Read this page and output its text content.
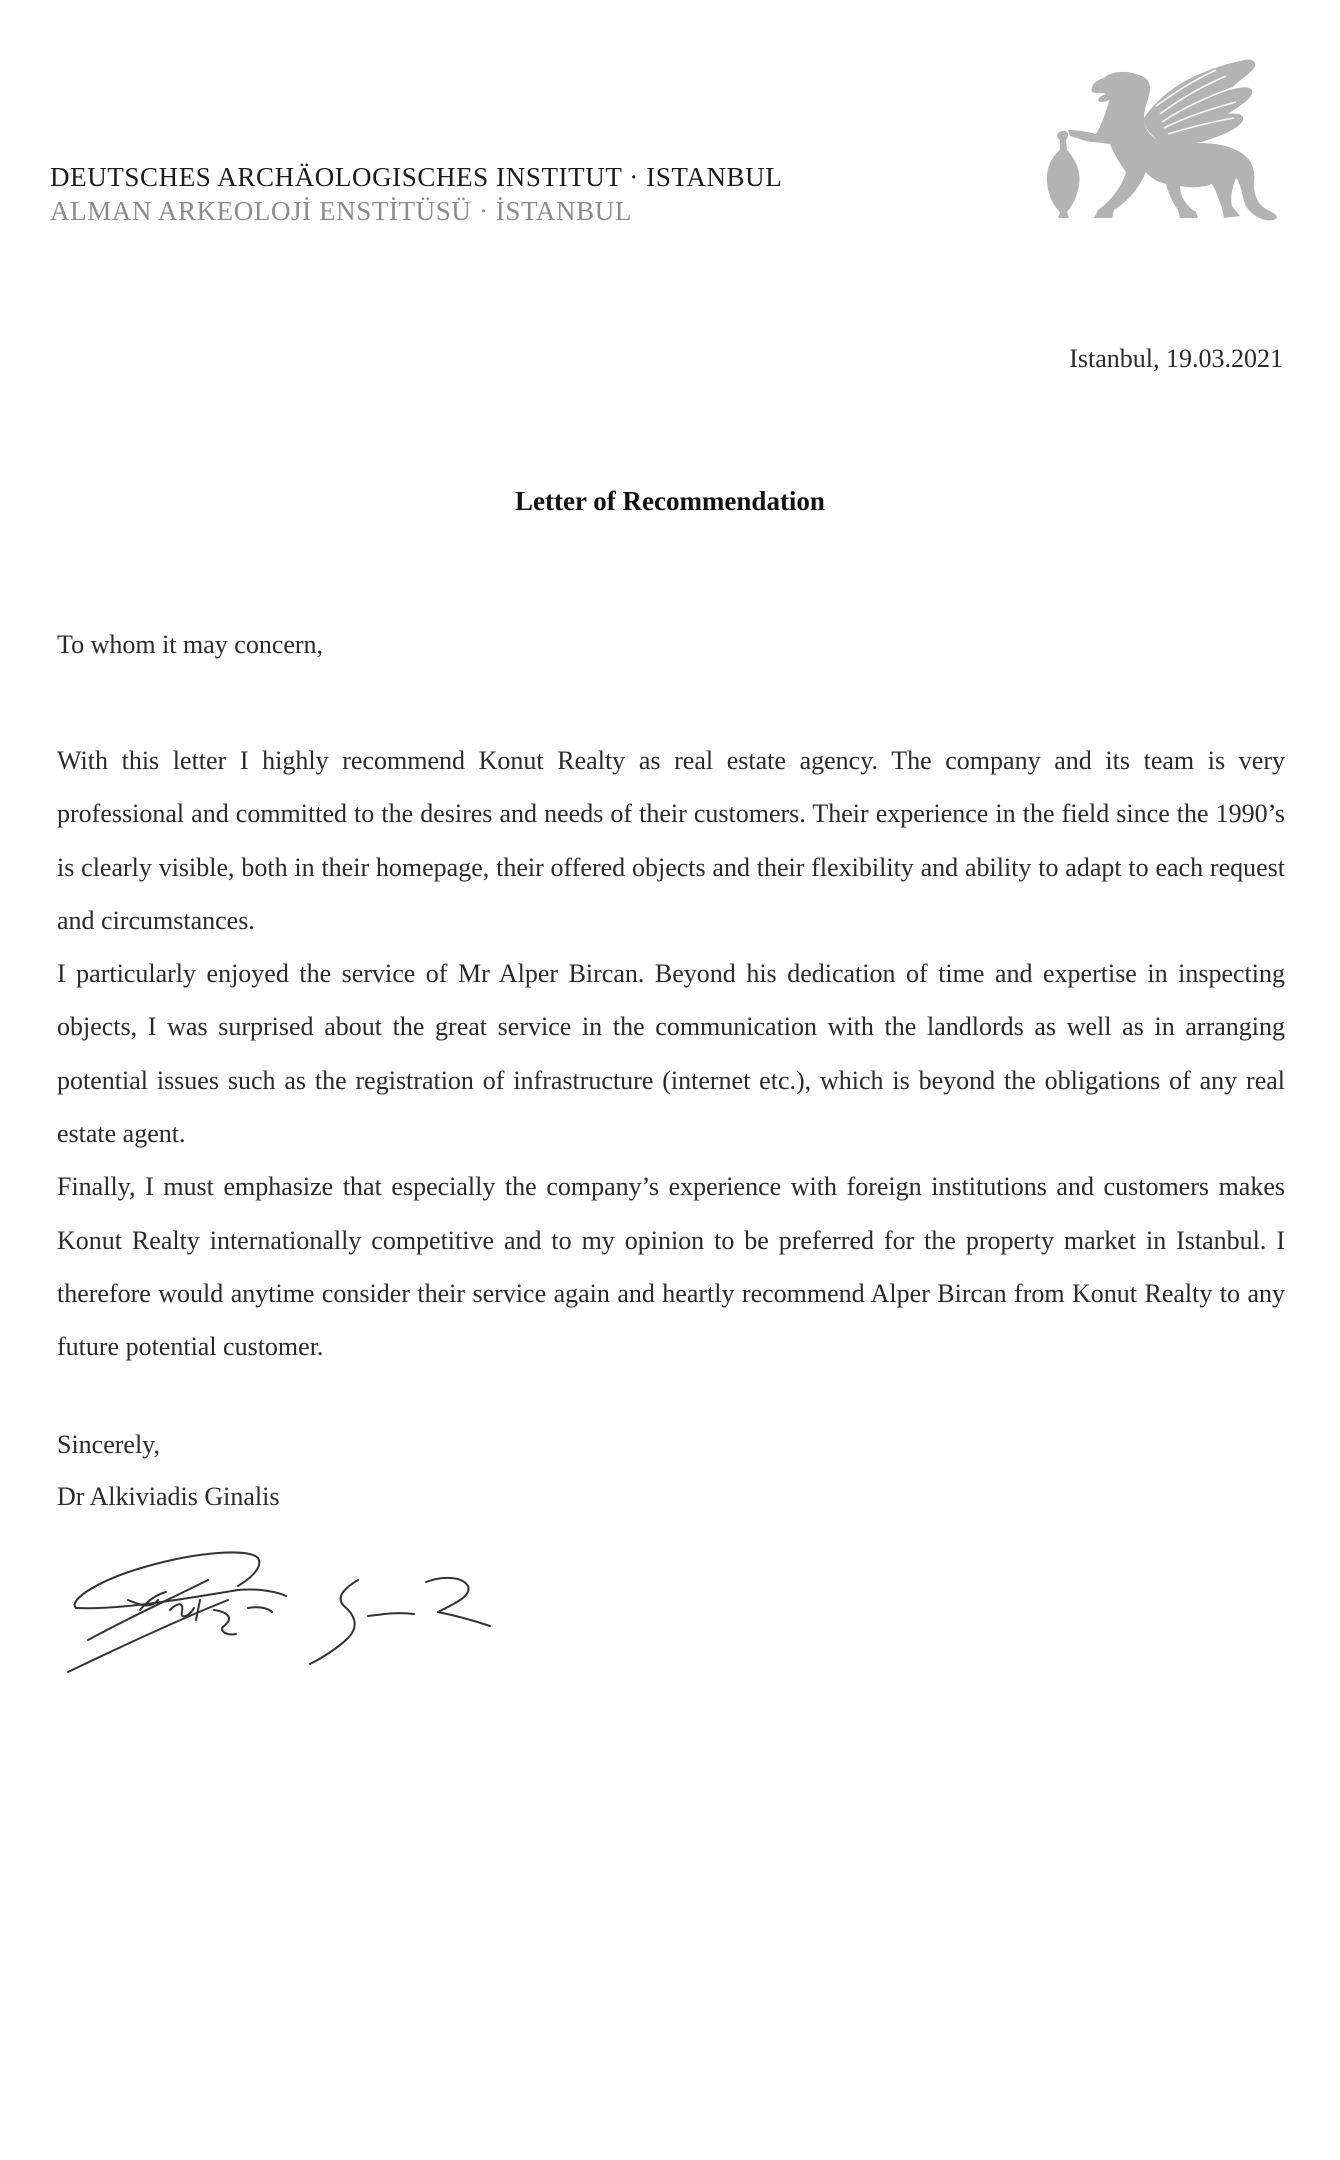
DEUTSCHES ARCHÄOLOGISCHES INSTITUT · ISTANBUL
ALMAN ARKEOLOJİ ENSTİTÜSÜ · İSTANBUL
Istanbul, 19.03.2021
Letter of Recommendation
To whom it may concern,

With this letter I highly recommend Konut Realty as real estate agency. The company and its team is very professional and committed to the desires and needs of their customers. Their experience in the field since the 1990’s is clearly visible, both in their homepage, their offered objects and their flexibility and ability to adapt to each request and circumstances.

I particularly enjoyed the service of Mr Alper Bircan. Beyond his dedication of time and expertise in inspecting objects, I was surprised about the great service in the communication with the landlords as well as in arranging potential issues such as the registration of infrastructure (internet etc.), which is beyond the obligations of any real estate agent.

Finally, I must emphasize that especially the company’s experience with foreign institutions and customers makes Konut Realty internationally competitive and to my opinion to be preferred for the property market in Istanbul. I therefore would anytime consider their service again and heartly recommend Alper Bircan from Konut Realty to any future potential customer.

Sincerely,
Dr Alkiviadis Ginalis
